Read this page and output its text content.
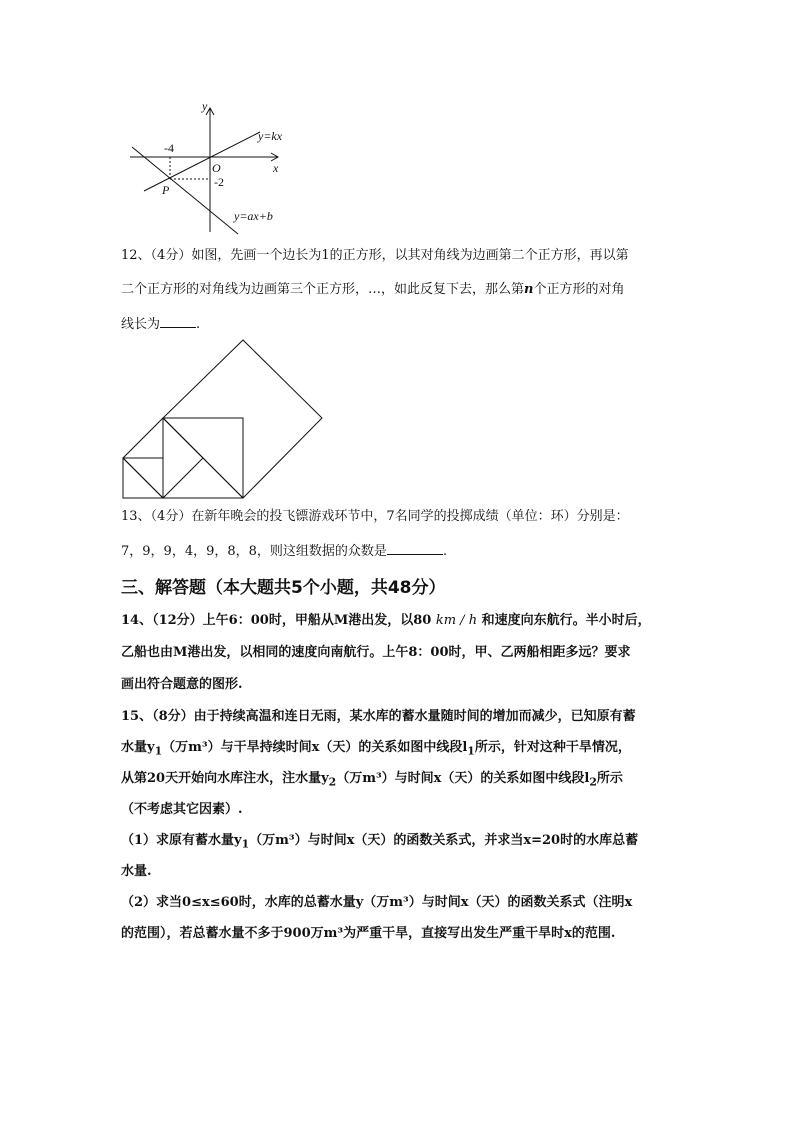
y
x
O
y=kx
y=ax+b
-4
-2
P
12、（4分）如图，先画一个边长为1的正方形，以其对角线为边画第二个正方形，再以第
二个正方形的对角线为边画第三个正方形，…，如此反复下去，那么第n个正方形的对角
线长为	.
13、（4分）在新年晚会的投飞镖游戏环节中，7名同学的投掷成绩（单位：环）分别是：
7，9，9，4，9，8，8，则这组数据的众数是	.
三、解答题（本大题共5个小题，共48分）
14、（12分）上午6：00时，甲船从M港出发，以80 km / h 和速度向东航行。半小时后，
乙船也由M港出发，以相同的速度向南航行。上午8：00时，甲、乙两船相距多远？要求
画出符合题意的图形.
15、（8分）由于持续高温和连日无雨，某水库的蓄水量随时间的增加而减少，已知原有蓄
水量$y_1$（万m³）与干旱持续时间x（天）的关系如图中线段$l_1$所示，针对这种干旱情况，
从第20天开始向水库注水，注水量$y_2$（万m³）与时间x（天）的关系如图中线段$l_2$所示
（不考虑其它因素）.
（1）求原有蓄水量$y_1$（万m³）与时间x（天）的函数关系式，并求当x=20时的水库总蓄
水量.
（2）求当0≤x≤60时，水库的总蓄水量y（万m³）与时间x（天）的函数关系式（注明x
的范围），若总蓄水量不多于900万m³为严重干旱，直接写出发生严重干旱时x的范围.
